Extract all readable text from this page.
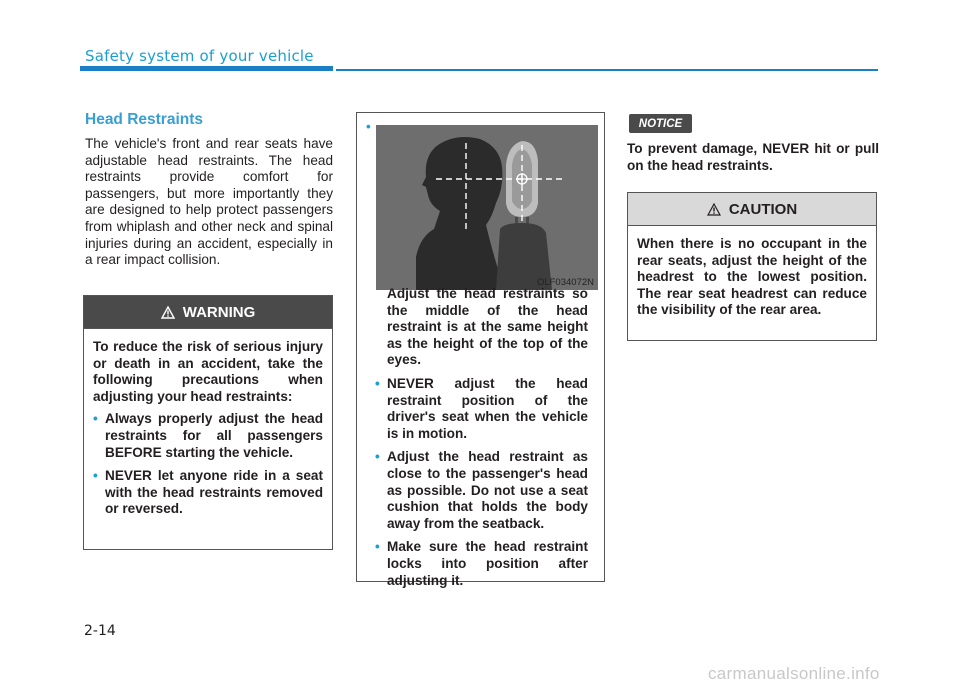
Safety system of your vehicle
Head Restraints

The vehicle's front and rear seats have adjustable head restraints. The head restraints provide comfort for passengers, but more importantly they are designed to help protect passengers from whiplash and other neck and spinal injuries during an accident, especially in a rear impact collision.

WARNING

To reduce the risk of serious injury or death in an accident, take the following precautions when adjusting your head restraints:

• Always properly adjust the head restraints for all passengers BEFORE starting the vehicle.
• NEVER let anyone ride in a seat with the head restraints removed or reversed.
•
OLF034072N

Adjust the head restraints so the middle of the head restraint is at the same height as the height of the top of the eyes.

• NEVER adjust the head restraint position of the driver's seat when the vehicle is in motion.
• Adjust the head restraint as close to the passenger's head as possible. Do not use a seat cushion that holds the body away from the seatback.
• Make sure the head restraint locks into position after adjusting it.
NOTICE

To prevent damage, NEVER hit or pull on the head restraints.

CAUTION

When there is no occupant in the rear seats, adjust the height of the headrest to the lowest position. The rear seat headrest can reduce the visibility of the rear area.

2-14
carmanualsonline.info
